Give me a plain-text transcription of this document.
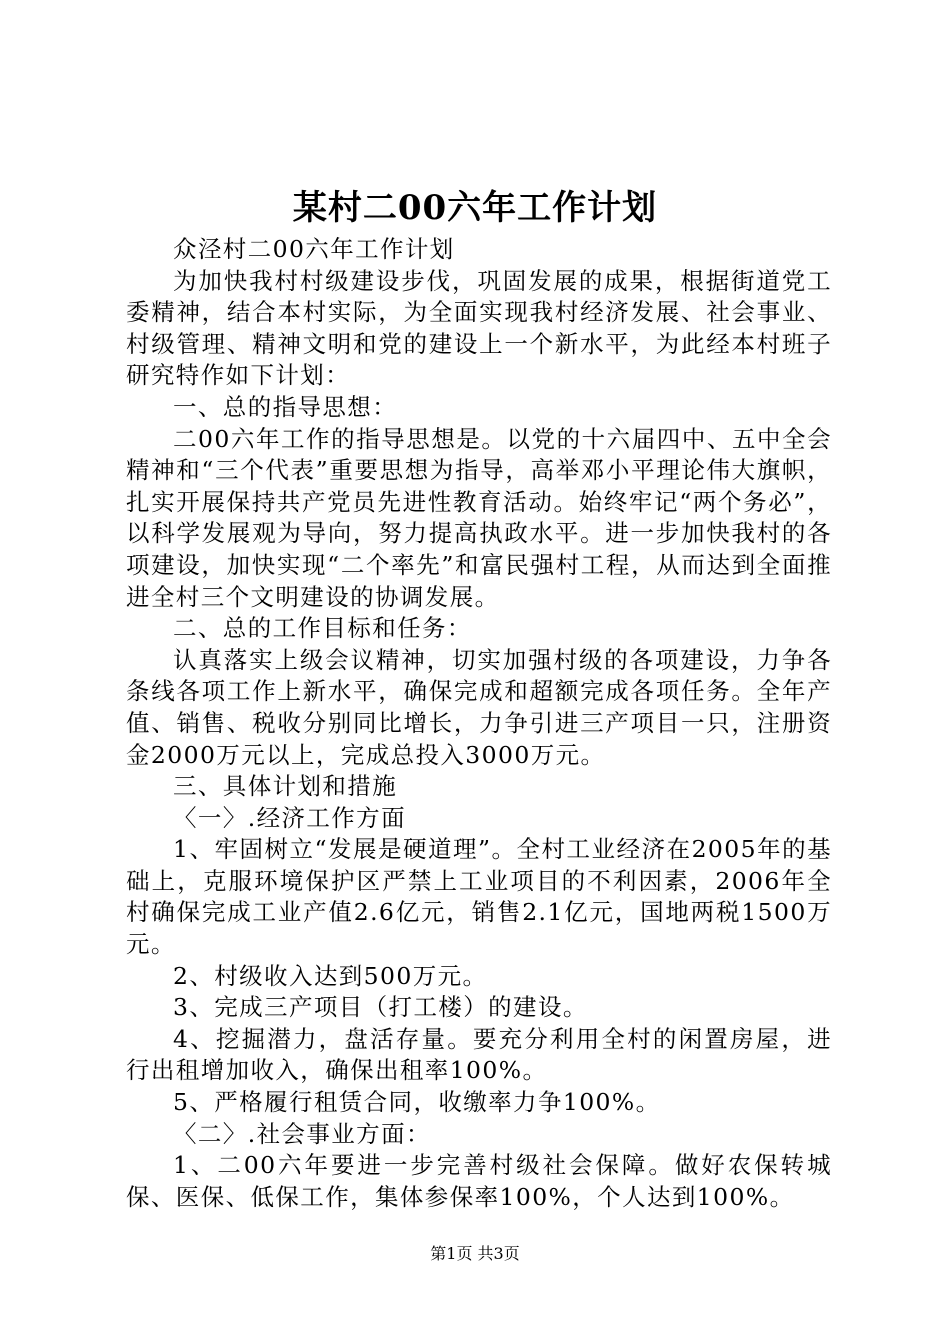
某村二00六年工作计划

众泾村二00六年工作计划

为加快我村村级建设步伐，巩固发展的成果，根据街道党工委精神，结合本村实际，为全面实现我村经济发展、社会事业、村级管理、精神文明和党的建设上一个新水平，为此经本村班子研究特作如下计划：

一、总的指导思想：

二00六年工作的指导思想是。以党的十六届四中、五中全会精神和“三个代表”重要思想为指导，高举邓小平理论伟大旗帜，扎实开展保持共产党员先进性教育活动。始终牢记“两个务必”，以科学发展观为导向，努力提高执政水平。进一步加快我村的各项建设，加快实现“二个率先”和富民强村工程，从而达到全面推进全村三个文明建设的协调发展。

二、总的工作目标和任务：

认真落实上级会议精神，切实加强村级的各项建设，力争各条线各项工作上新水平，确保完成和超额完成各项任务。全年产值、销售、税收分别同比增长，力争引进三产项目一只，注册资金2000万元以上，完成总投入3000万元。

三、具体计划和措施

〈一〉.经济工作方面

1、牢固树立“发展是硬道理”。全村工业经济在2005年的基础上，克服环境保护区严禁上工业项目的不利因素，2006年全村确保完成工业产值2.6亿元，销售2.1亿元，国地两税1500万元。

2、村级收入达到500万元。

3、完成三产项目（打工楼）的建设。

4、挖掘潜力，盘活存量。要充分利用全村的闲置房屋，进行出租增加收入，确保出租率100%。

5、严格履行租赁合同，收缴率力争100%。

〈二〉.社会事业方面：

1、二00六年要进一步完善村级社会保障。做好农保转城保、医保、低保工作，集体参保率100%，个人达到100%。

第1页 共3页
